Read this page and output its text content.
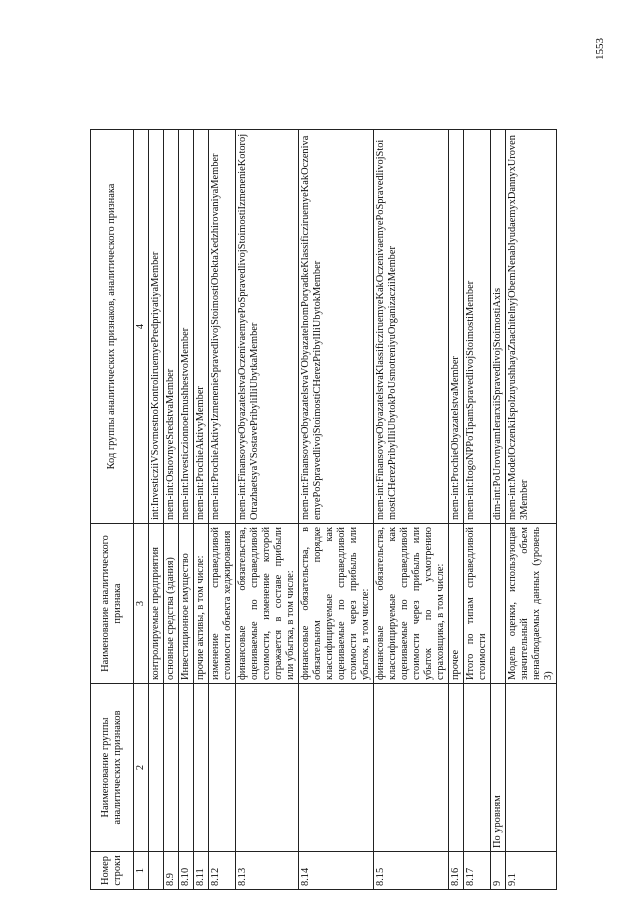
1553
Номер строки	Наименование группы аналитических признаков	Наименование аналитического признака	Код группы аналитических признаков, аналитического признака
1	2	3	4
		контролируемые предприятия	int:InvesticziiVSovmestnoKontroliruemyePredpriyatiyaMember
8.9		основные средства (здания)	mem-int:OsnovnyeSredstvaMember
8.10		Инвестиционное имущество	mem-int:InvesticzionnoeImushhestvoMember
8.11		прочие активы, в том числе:	mem-int:ProchieAktivyMember
8.12		изменение справедливой стоимости объекта хеджирования	mem-int:ProchieAktivyIzmenenieSpravedlivojStoimostiObektaXedzhirovaniyaMember
8.13		финансовые обязательства, оцениваемые по справедливой стоимости, изменение которой отражается в составе прибыли или убытка, в том числе:	mem-int:FinansovyeObyazatelstvaOczenivaemyePoSpravedlivojStoimostiIzmenenieKotorojOtrazhaetsyaVSostavePribyliIliUbytkaMember
8.14		финансовые обязательства, в обязательном порядке классифицируемые как оцениваемые по справедливой стоимости через прибыль или убыток, в том числе:	mem-int:FinansovyeObyazatelstvaVObyazatelnomPoryadkeKlassificziruemyeKakOczenivaemyePoSpravedlivojStoimostiCHerezPribylIliUbytokMember
8.15		финансовые обязательства, классифицируемые как оцениваемые по справедливой стоимости через прибыль или убыток по усмотрению страховщика, в том числе:	mem-int:FinansovyeObyazatelstvaKlassificziruemyeKakOczenivaemyePoSpravedlivojStoimostiCHerezPribylIliUbytokPoUsmotreniyuOrganizacziiMember
8.16		прочее	mem-int:ProchieObyazatelstvaMember
8.17		Итого по типам справедливой стоимости	mem-int:ItogoNPPoTipamSpravedlivojStoimostiMember
9	По уровням		dim-int:PoUrovnyamIerarxiiSpravedlivojStoimostiAxis
9.1		Модель оценки, использующая значительный объем ненаблюдаемых данных (уровень 3)	mem-int:ModelOczenkiIspolzuyushhayaZnachitelnyjObemNenablyudaemyxDannyxUroven3Member
